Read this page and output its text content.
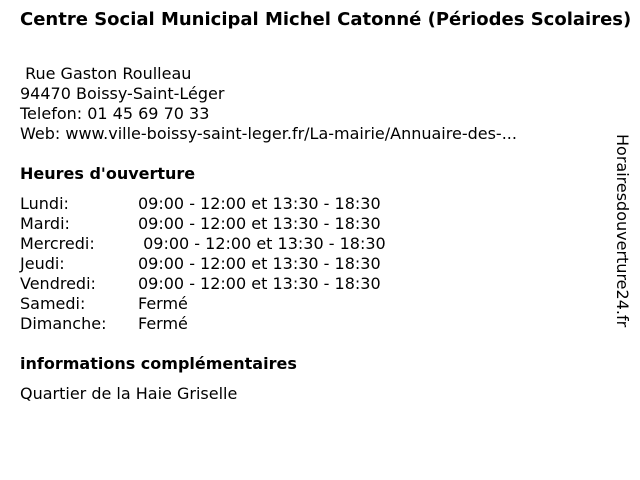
Centre Social Municipal Michel Catonné (Périodes Scolaires)
Rue Gaston Roulleau
94470 Boissy-Saint-Léger
Telefon: 01 45 69 70 33
Web: www.ville-boissy-saint-leger.fr/La-mairie/Annuaire-des-...
Heures d'ouverture
Lundi:	09:00 - 12:00 et 13:30 - 18:30
Mardi:	09:00 - 12:00 et 13:30 - 18:30
Mercredi:	09:00 - 12:00 et 13:30 - 18:30
Jeudi:	09:00 - 12:00 et 13:30 - 18:30
Vendredi:	09:00 - 12:00 et 13:30 - 18:30
Samedi:	Fermé
Dimanche:	Fermé
informations complémentaires
Quartier de la Haie Griselle
Horairesdouverture24.fr
